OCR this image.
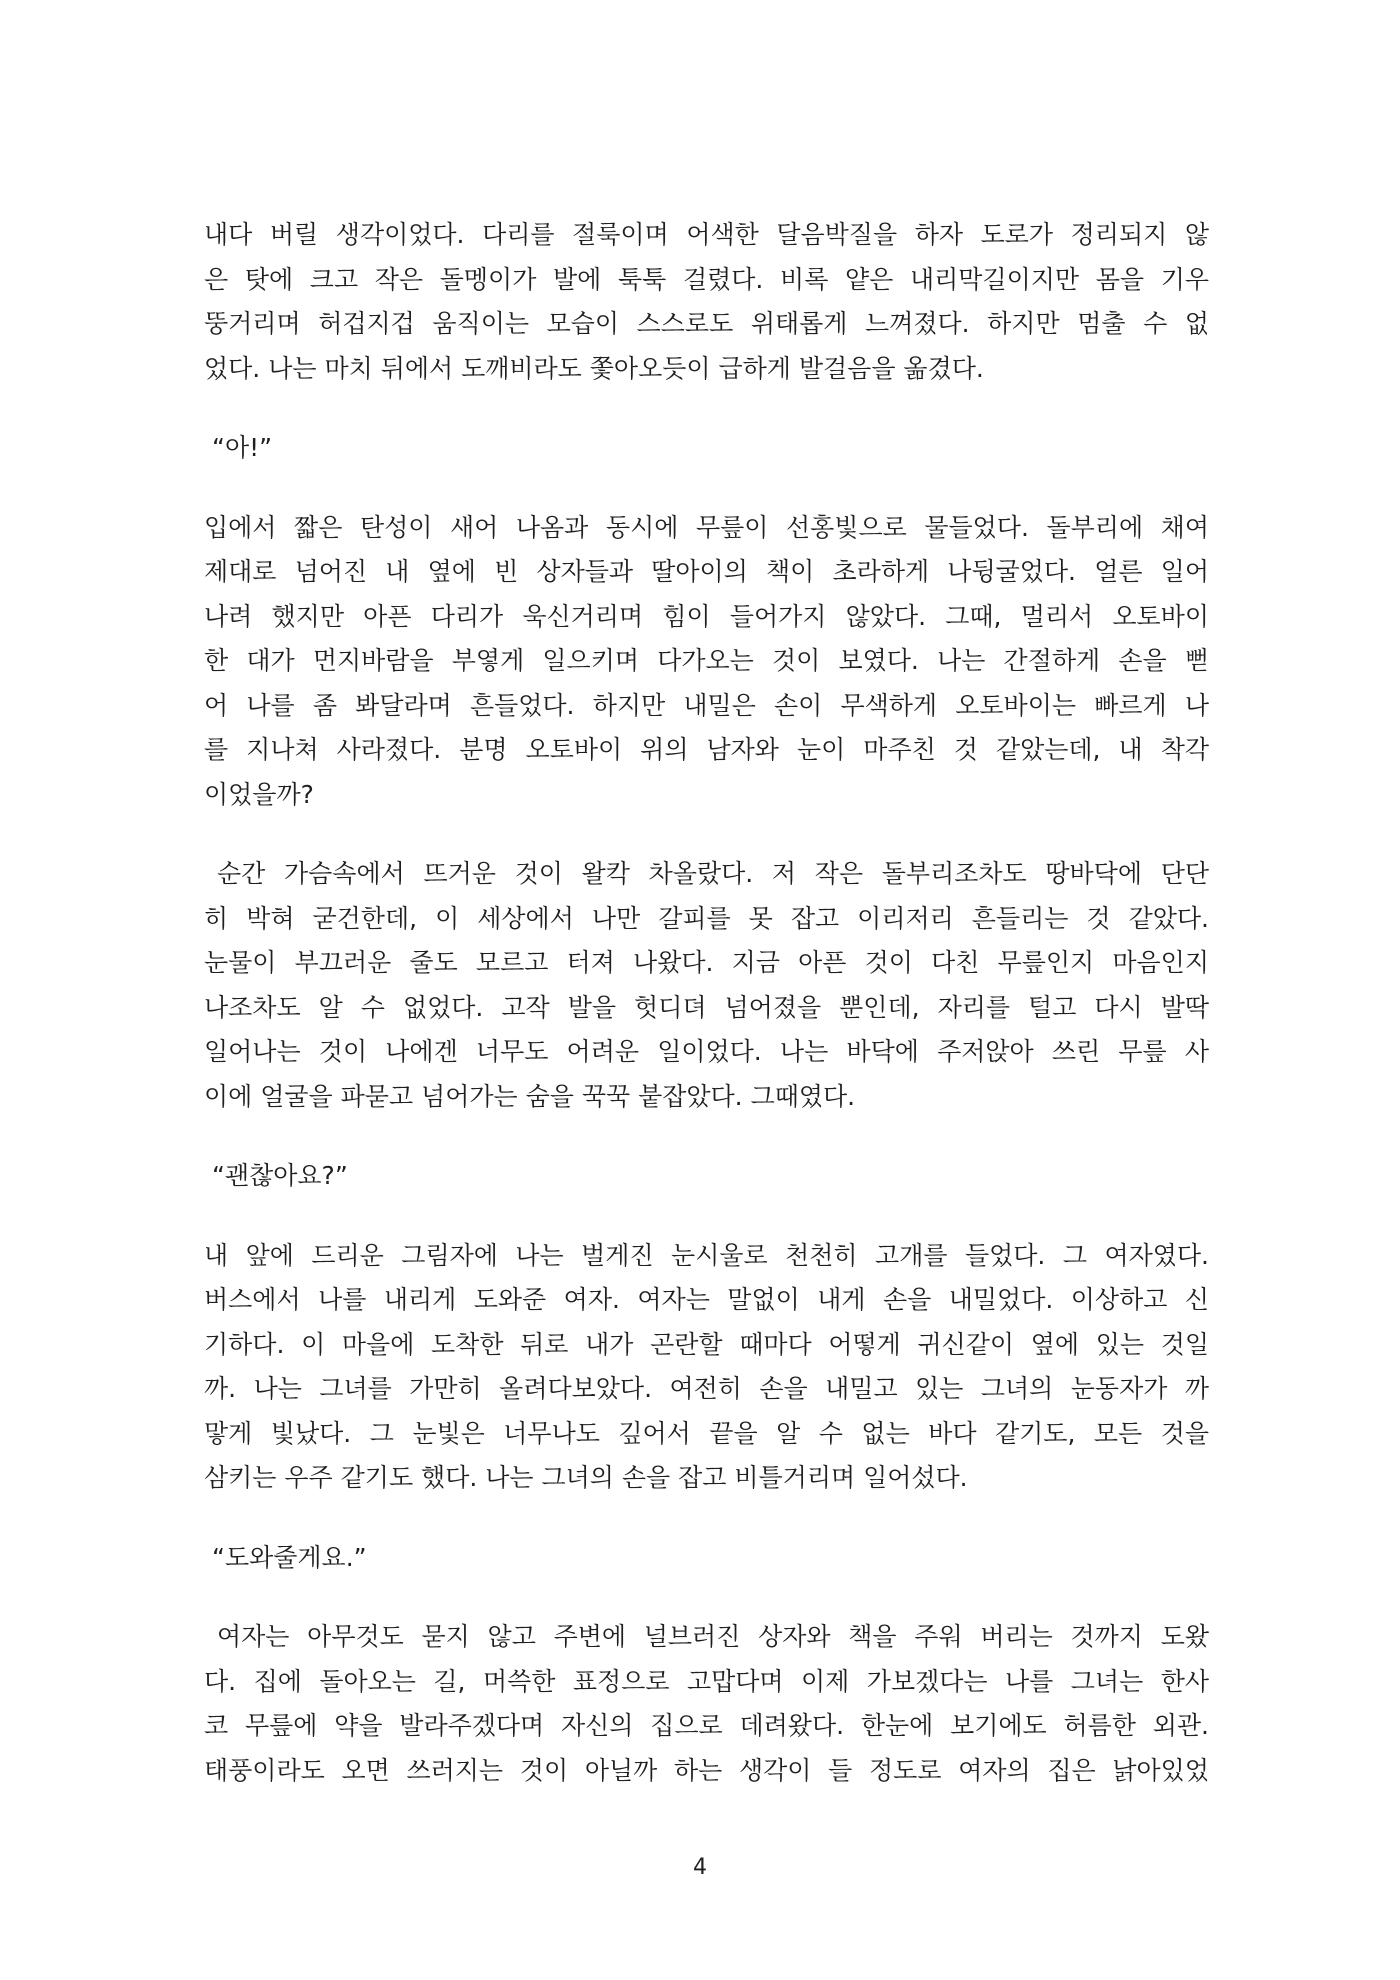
내다 버릴 생각이었다. 다리를 절룩이며 어색한 달음박질을 하자 도로가 정리되지 않
은 탓에 크고 작은 돌멩이가 발에 툭툭 걸렸다. 비록 얕은 내리막길이지만 몸을 기우
뚱거리며 허겁지겁 움직이는 모습이 스스로도 위태롭게 느껴졌다. 하지만 멈출 수 없
었다. 나는 마치 뒤에서 도깨비라도 쫓아오듯이 급하게 발걸음을 옮겼다.
“아!”
입에서 짧은 탄성이 새어 나옴과 동시에 무릎이 선홍빛으로 물들었다. 돌부리에 채여
제대로 넘어진 내 옆에 빈 상자들과 딸아이의 책이 초라하게 나뒹굴었다. 얼른 일어
나려 했지만 아픈 다리가 욱신거리며 힘이 들어가지 않았다. 그때, 멀리서 오토바이
한 대가 먼지바람을 부옇게 일으키며 다가오는 것이 보였다. 나는 간절하게 손을 뻗
어 나를 좀 봐달라며 흔들었다. 하지만 내밀은 손이 무색하게 오토바이는 빠르게 나
를 지나쳐 사라졌다. 분명 오토바이 위의 남자와 눈이 마주친 것 같았는데, 내 착각
이었을까?
순간 가슴속에서 뜨거운 것이 왈칵 차올랐다. 저 작은 돌부리조차도 땅바닥에 단단
히 박혀 굳건한데, 이 세상에서 나만 갈피를 못 잡고 이리저리 흔들리는 것 같았다.
눈물이 부끄러운 줄도 모르고 터져 나왔다. 지금 아픈 것이 다친 무릎인지 마음인지
나조차도 알 수 없었다. 고작 발을 헛디뎌 넘어졌을 뿐인데, 자리를 털고 다시 발딱
일어나는 것이 나에겐 너무도 어려운 일이었다. 나는 바닥에 주저앉아 쓰린 무릎 사
이에 얼굴을 파묻고 넘어가는 숨을 꾹꾹 붙잡았다. 그때였다.
“괜찮아요?”
내 앞에 드리운 그림자에 나는 벌게진 눈시울로 천천히 고개를 들었다. 그 여자였다.
버스에서 나를 내리게 도와준 여자. 여자는 말없이 내게 손을 내밀었다. 이상하고 신
기하다. 이 마을에 도착한 뒤로 내가 곤란할 때마다 어떻게 귀신같이 옆에 있는 것일
까. 나는 그녀를 가만히 올려다보았다. 여전히 손을 내밀고 있는 그녀의 눈동자가 까
맣게 빛났다. 그 눈빛은 너무나도 깊어서 끝을 알 수 없는 바다 같기도, 모든 것을
삼키는 우주 같기도 했다. 나는 그녀의 손을 잡고 비틀거리며 일어섰다.
“도와줄게요.”
여자는 아무것도 묻지 않고 주변에 널브러진 상자와 책을 주워 버리는 것까지 도왔
다. 집에 돌아오는 길, 머쓱한 표정으로 고맙다며 이제 가보겠다는 나를 그녀는 한사
코 무릎에 약을 발라주겠다며 자신의 집으로 데려왔다. 한눈에 보기에도 허름한 외관.
태풍이라도 오면 쓰러지는 것이 아닐까 하는 생각이 들 정도로 여자의 집은 낡아있었
4
